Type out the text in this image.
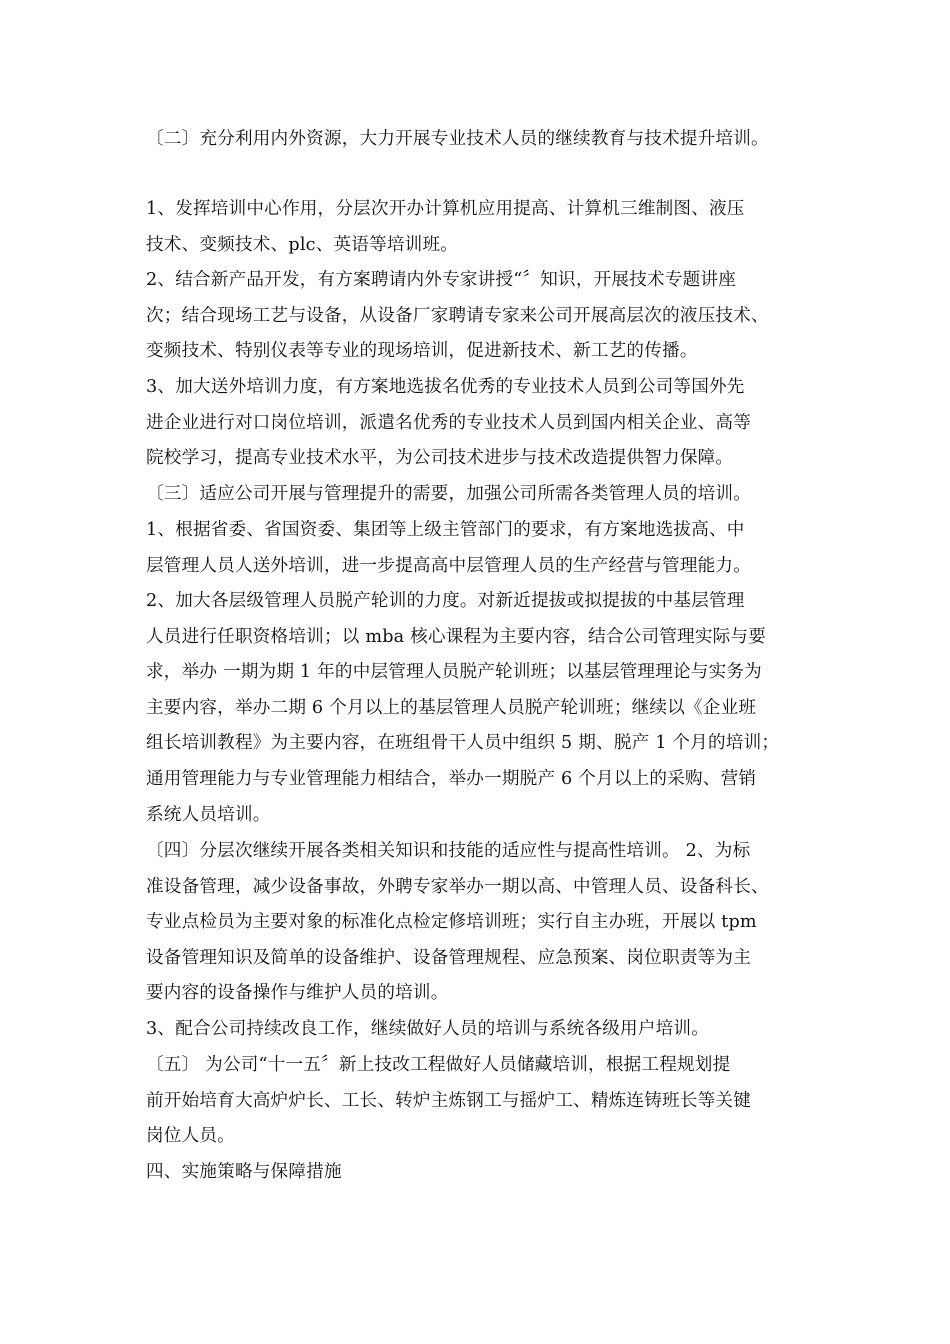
〔二〕充分利用内外资源，大力开展专业技术人员的继续教育与技术提升培训。

1、发挥培训中心作用，分层次开办计算机应用提高、计算机三维制图、液压
技术、变频技术、plc、英语等培训班。

2、结合新产品开发，有方案聘请内外专家讲授“〞知识，开展技术专题讲座
次；结合现场工艺与设备，从设备厂家聘请专家来公司开展高层次的液压技术、
变频技术、特别仪表等专业的现场培训，促进新技术、新工艺的传播。

3、加大送外培训力度，有方案地选拔名优秀的专业技术人员到公司等国外先
进企业进行对口岗位培训，派遣名优秀的专业技术人员到国内相关企业、高等
院校学习，提高专业技术水平，为公司技术进步与技术改造提供智力保障。

〔三〕适应公司开展与管理提升的需要，加强公司所需各类管理人员的培训。

1、根据省委、省国资委、集团等上级主管部门的要求，有方案地选拔高、中
层管理人员人送外培训，进一步提高高中层管理人员的生产经营与管理能力。

2、加大各层级管理人员脱产轮训的力度。对新近提拔或拟提拔的中基层管理
人员进行任职资格培训；以 mba 核心课程为主要内容，结合公司管理实际与要
求，举办 一期为期 1 年的中层管理人员脱产轮训班；以基层管理理论与实务为
主要内容，举办二期 6 个月以上的基层管理人员脱产轮训班；继续以《企业班
组长培训教程》为主要内容，在班组骨干人员中组织 5 期、脱产 1 个月的培训；
通用管理能力与专业管理能力相结合，举办一期脱产 6 个月以上的采购、营销
系统人员培训。

〔四〕分层次继续开展各类相关知识和技能的适应性与提高性培训。 2、为标
准设备管理，减少设备事故，外聘专家举办一期以高、中管理人员、设备科长、
专业点检员为主要对象的标准化点检定修培训班；实行自主办班，开展以 tpm
设备管理知识及简单的设备维护、设备管理规程、应急预案、岗位职责等为主
要内容的设备操作与维护人员的培训。

3、配合公司持续改良工作，继续做好人员的培训与系统各级用户培训。

〔五〕 为公司“十一五〞新上技改工程做好人员储藏培训，根据工程规划提
前开始培育大高炉炉长、工长、转炉主炼钢工与摇炉工、精炼连铸班长等关键
岗位人员。

四、实施策略与保障措施
